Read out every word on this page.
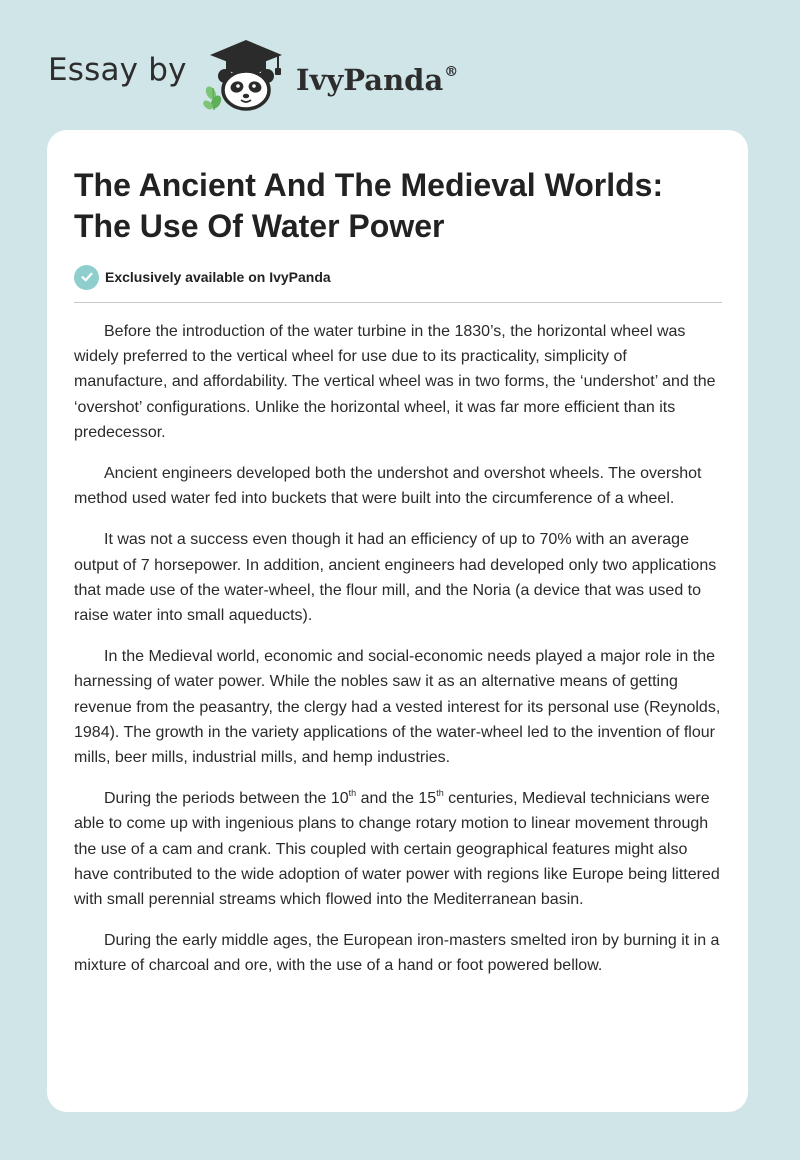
Essay by	IvyPanda®
The Ancient And The Medieval Worlds: The Use Of Water Power
Exclusively available on IvyPanda

Before the introduction of the water turbine in the 1830’s, the horizontal wheel was widely preferred to the vertical wheel for use due to its practicality, simplicity of manufacture, and affordability. The vertical wheel was in two forms, the ‘undershot’ and the ‘overshot’ configurations. Unlike the horizontal wheel, it was far more efficient than its predecessor.

Ancient engineers developed both the undershot and overshot wheels. The overshot method used water fed into buckets that were built into the circumference of a wheel.

It was not a success even though it had an efficiency of up to 70% with an average output of 7 horsepower. In addition, ancient engineers had developed only two applications that made use of the water-wheel, the flour mill, and the Noria (a device that was used to raise water into small aqueducts).

In the Medieval world, economic and social-economic needs played a major role in the harnessing of water power. While the nobles saw it as an alternative means of getting revenue from the peasantry, the clergy had a vested interest for its personal use (Reynolds, 1984). The growth in the variety applications of the water-wheel led to the invention of flour mills, beer mills, industrial mills, and hemp industries.

During the periods between the 10th and the 15th centuries, Medieval technicians were able to come up with ingenious plans to change rotary motion to linear movement through the use of a cam and crank. This coupled with certain geographical features might also have contributed to the wide adoption of water power with regions like Europe being littered with small perennial streams which flowed into the Mediterranean basin.

During the early middle ages, the European iron-masters smelted iron by burning it in a mixture of charcoal and ore, with the use of a hand or foot powered bellow.
